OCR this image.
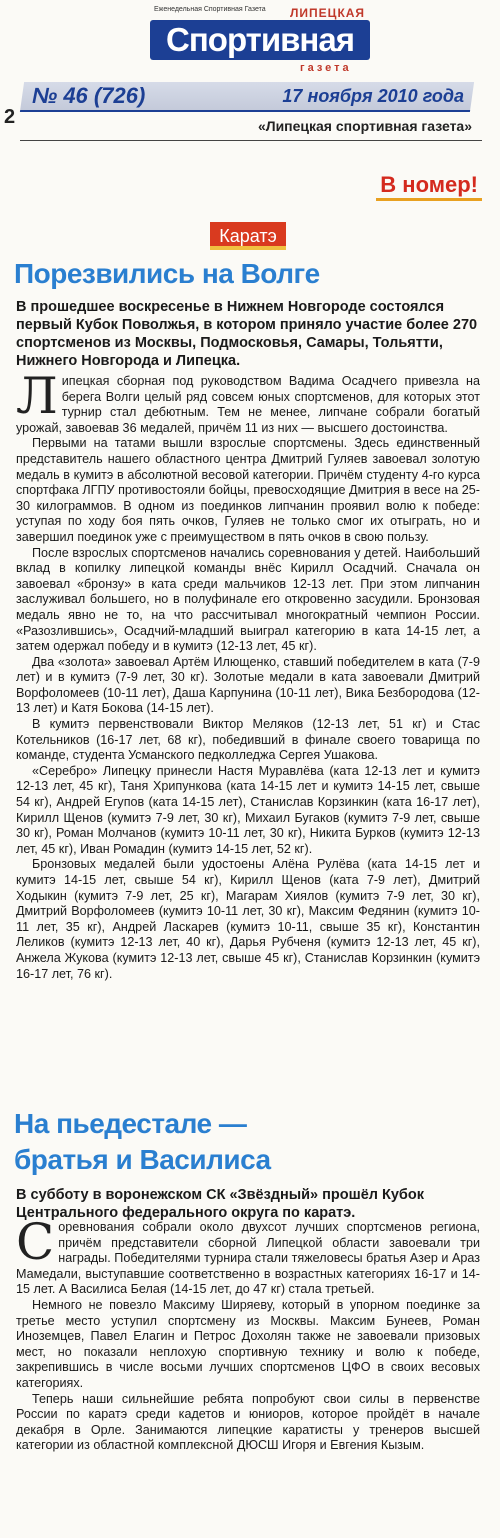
Еженедельная Спортивная Газета ЛИПЕЦКАЯ
Спортивная
газета
№ 46 (726)	17 ноября 2010 года
2	«Липецкая спортивная газета»
В номер!
Каратэ
Порезвились на Волге
В прошедшее воскресенье в Нижнем Новгороде состоялся первый Кубок Поволжья, в котором приняло участие более 270 спортсменов из Москвы, Подмосковья, Самары, Тольятти, Нижнего Новгорода и Липецка.

Липецкая сборная под руководством Вадима Осадчего привезла на берега Волги целый ряд совсем юных спортсменов, для которых этот турнир стал дебютным. Тем не менее, липчане собрали богатый урожай, завоевав 36 медалей, причём 11 из них — высшего достоинства.

Первыми на татами вышли взрослые спортсмены. Здесь единственный представитель нашего областного центра Дмитрий Гуляев завоевал золотую медаль в кумитэ в абсолютной весовой категории. Причём студенту 4-го курса спортфака ЛГПУ противостояли бойцы, превосходящие Дмитрия в весе на 25-30 килограммов. В одном из поединков липчанин проявил волю к победе: уступая по ходу боя пять очков, Гуляев не только смог их отыграть, но и завершил поединок уже с преимуществом в пять очков в свою пользу.

После взрослых спортсменов начались соревнования у детей. Наибольший вклад в копилку липецкой команды внёс Кирилл Осадчий. Сначала он завоевал «бронзу» в ката среди мальчиков 12-13 лет. При этом липчанин заслуживал большего, но в полуфинале его откровенно засудили. Бронзовая медаль явно не то, на что рассчитывал многократный чемпион России. «Разозлившись», Осадчий-младший выиграл категорию в ката 14-15 лет, а затем одержал победу и в кумитэ (12-13 лет, 45 кг).

Два «золота» завоевал Артём Илющенко, ставший победителем в ката (7-9 лет) и в кумитэ (7-9 лет, 30 кг). Золотые медали в ката завоевали Дмитрий Ворфоломеев (10-11 лет), Даша Карпунина (10-11 лет), Вика Безбородова (12-13 лет) и Катя Бокова (14-15 лет).

В кумитэ первенствовали Виктор Меляков (12-13 лет, 51 кг) и Стас Котельников (16-17 лет, 68 кг), победивший в финале своего товарища по команде, студента Усманского педколледжа Сергея Ушакова.

«Серебро» Липецку принесли Настя Муравлёва (ката 12-13 лет и кумитэ 12-13 лет, 45 кг), Таня Хрипункова (ката 14-15 лет и кумитэ 14-15 лет, свыше 54 кг), Андрей Егупов (ката 14-15 лет), Станислав Корзинкин (ката 16-17 лет), Кирилл Щенов (кумитэ 7-9 лет, 30 кг), Михаил Бугаков (кумитэ 7-9 лет, свыше 30 кг), Роман Молчанов (кумитэ 10-11 лет, 30 кг), Никита Бурков (кумитэ 12-13 лет, 45 кг), Иван Ромадин (кумитэ 14-15 лет, 52 кг).

Бронзовых медалей были удостоены Алёна Рулёва (ката 14-15 лет и кумитэ 14-15 лет, свыше 54 кг), Кирилл Щенов (ката 7-9 лет), Дмитрий Ходыкин (кумитэ 7-9 лет, 25 кг), Магарам Хиялов (кумитэ 7-9 лет, 30 кг), Дмитрий Ворфоломеев (кумитэ 10-11 лет, 30 кг), Максим Федянин (кумитэ 10-11 лет, 35 кг), Андрей Ласкарев (кумитэ 10-11, свыше 35 кг), Константин Леликов (кумитэ 12-13 лет, 40 кг), Дарья Рубченя (кумитэ 12-13 лет, 45 кг), Анжела Жукова (кумитэ 12-13 лет, свыше 45 кг), Станислав Корзинкин (кумитэ 16-17 лет, 76 кг).

На пьедестале —
братья и Василиса
В субботу в воронежском СК «Звёздный» прошёл Кубок Центрального федерального округа по каратэ.

Соревнования собрали около двухсот лучших спортсменов региона, причём представители сборной Липецкой области завоевали три награды. Победителями турнира стали тяжеловесы братья Азер и Араз Мамедали, выступавшие соответственно в возрастных категориях 16-17 и 14-15 лет. А Василиса Белая (14-15 лет, до 47 кг) стала третьей.

Немного не повезло Максиму Ширяеву, который в упорном поединке за третье место уступил спортсмену из Москвы. Максим Бунеев, Роман Иноземцев, Павел Елагин и Петрос Дохолян также не завоевали призовых мест, но показали неплохую спортивную технику и волю к победе, закрепившись в числе восьми лучших спортсменов ЦФО в своих весовых категориях.

Теперь наши сильнейшие ребята попробуют свои силы в первенстве России по каратэ среди кадетов и юниоров, которое пройдёт в начале декабря в Орле. Занимаются липецкие каратисты у тренеров высшей категории из областной комплексной ДЮСШ Игоря и Евгения Кызым.
